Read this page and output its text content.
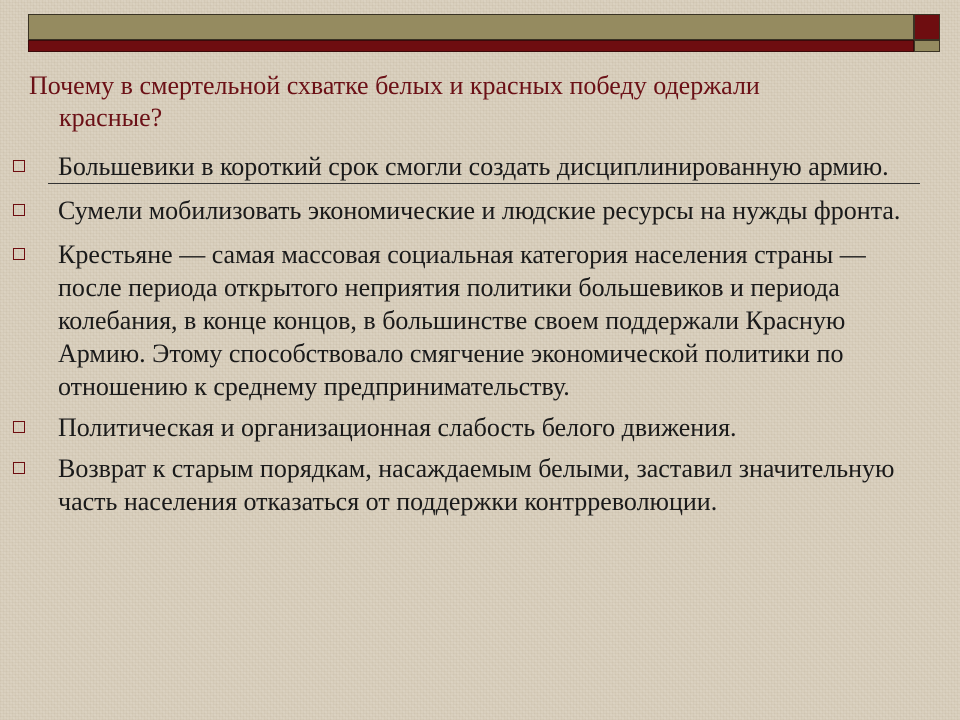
Почему в смертельной схватке белых и красных победу одержали
красные?
Большевики в короткий срок смогли создать дисциплинированную армию.
Сумели мобилизовать экономические и людские ресурсы на нужды фронта.
Крестьяне — самая массовая социальная категория населения страны — после периода открытого неприятия политики большевиков и периода колебания, в конце концов, в большинстве своем поддержали Красную Армию. Этому способствовало смягчение экономической политики по отношению к среднему предпринимательству.
Политическая и организационная слабость белого движения.
Возврат к старым порядкам, насаждаемым белыми, заставил значительную часть населения отказаться от поддержки контрреволюции.
